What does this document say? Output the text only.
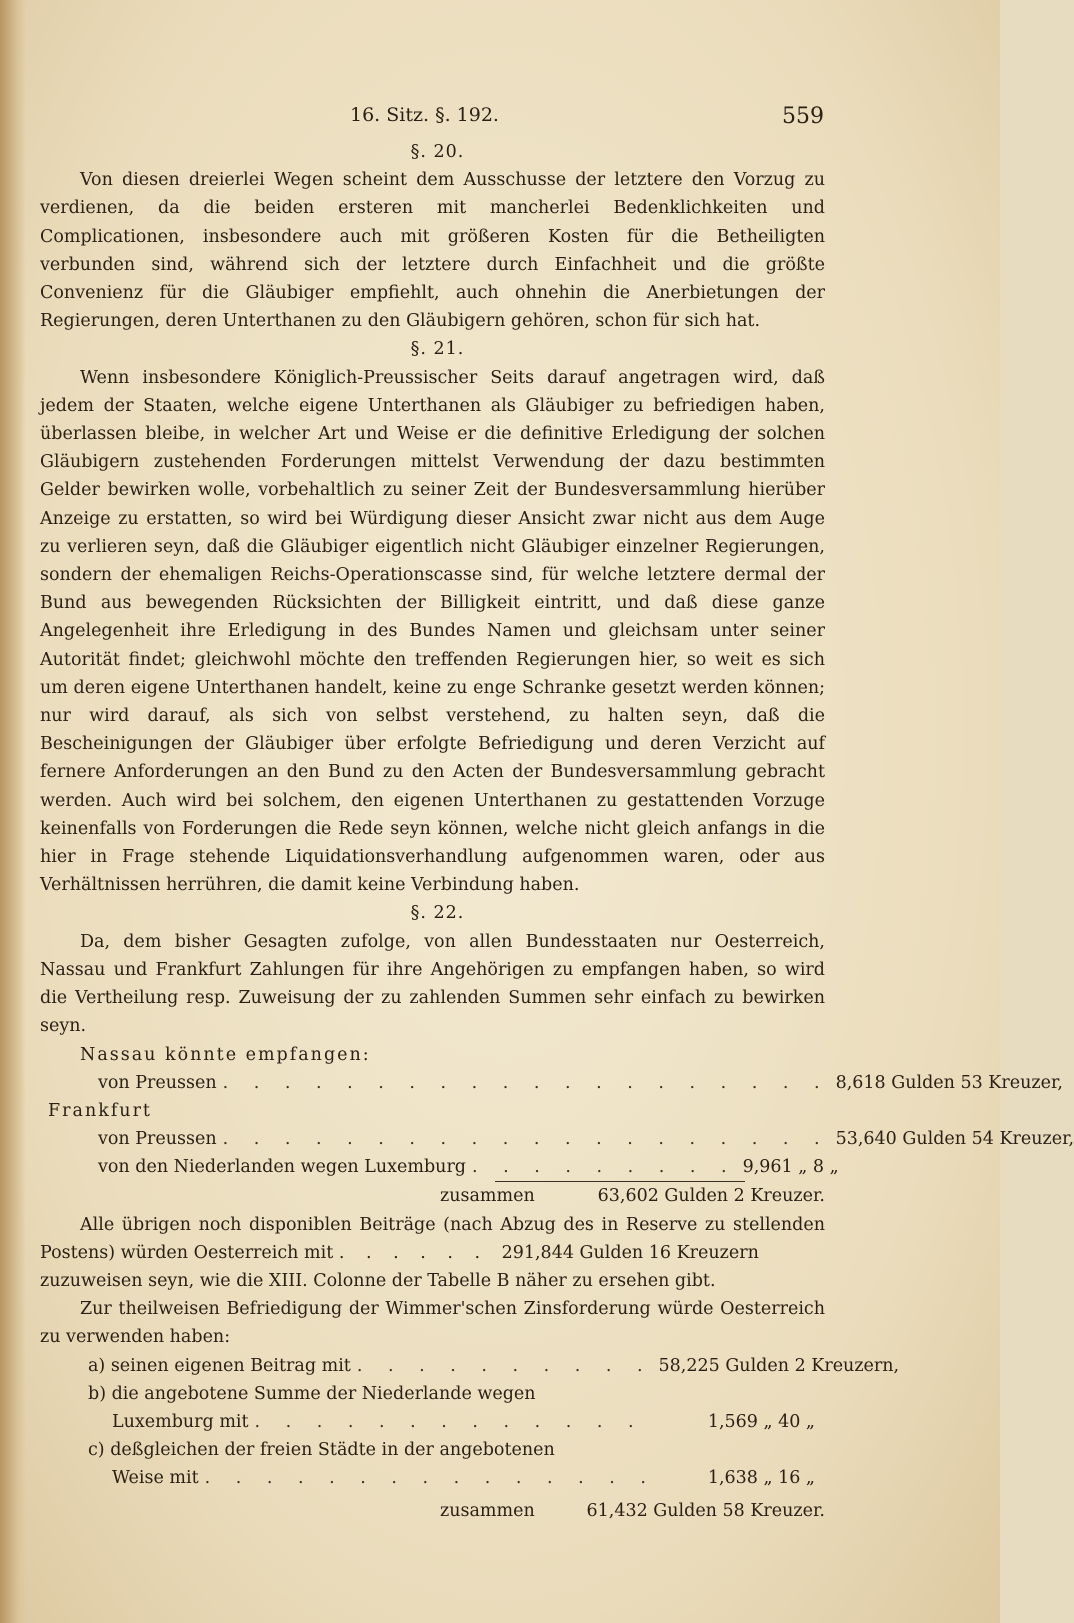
16. Sitz. §. 192.	559
§. 20.

Von diesen dreierlei Wegen scheint dem Ausschusse der letztere den Vorzug zu verdienen, da die beiden ersteren mit mancherlei Bedenklichkeiten und Complicationen, insbesondere auch mit größeren Kosten für die Betheiligten verbunden sind, während sich der letztere durch Einfachheit und die größte Convenienz für die Gläubiger empfiehlt, auch ohnehin die Anerbietungen der Regierungen, deren Unterthanen zu den Gläubigern gehören, schon für sich hat.

§. 21.

Wenn insbesondere Königlich-Preussischer Seits darauf angetragen wird, daß jedem der Staaten, welche eigene Unterthanen als Gläubiger zu befriedigen haben, überlassen bleibe, in welcher Art und Weise er die definitive Erledigung der solchen Gläubigern zustehenden Forderungen mittelst Verwendung der dazu bestimmten Gelder bewirken wolle, vorbehaltlich zu seiner Zeit der Bundesversammlung hierüber Anzeige zu erstatten, so wird bei Würdigung dieser Ansicht zwar nicht aus dem Auge zu verlieren seyn, daß die Gläubiger eigentlich nicht Gläubiger einzelner Regierungen, sondern der ehemaligen Reichs-Operationscasse sind, für welche letztere dermal der Bund aus bewegenden Rücksichten der Billigkeit eintritt, und daß diese ganze Angelegenheit ihre Erledigung in des Bundes Namen und gleichsam unter seiner Autorität findet; gleichwohl möchte den treffenden Regierungen hier, so weit es sich um deren eigene Unterthanen handelt, keine zu enge Schranke gesetzt werden können; nur wird darauf, als sich von selbst verstehend, zu halten seyn, daß die Bescheinigungen der Gläubiger über erfolgte Befriedigung und deren Verzicht auf fernere Anforderungen an den Bund zu den Acten der Bundesversammlung gebracht werden. Auch wird bei solchem, den eigenen Unterthanen zu gestattenden Vorzuge keinenfalls von Forderungen die Rede seyn können, welche nicht gleich anfangs in die hier in Frage stehende Liquidationsverhandlung aufgenommen waren, oder aus Verhältnissen herrühren, die damit keine Verbindung haben.

§. 22.

Da, dem bisher Gesagten zufolge, von allen Bundesstaaten nur Oesterreich, Nassau und Frankfurt Zahlungen für ihre Angehörigen zu empfangen haben, so wird die Vertheilung resp. Zuweisung der zu zahlenden Summen sehr einfach zu bewirken seyn.

Nassau könnte empfangen:
von Preussen . . . . . . . . . . . . . . . . . . . . 8,618 Gulden 53 Kreuzer,
Frankfurt
von Preussen . . . . . . . . . . . . . . . . . . . . 53,640 Gulden 54 Kreuzer,
von den Niederlanden wegen Luxemburg . . . . . . . . . 9,961 „ 8 „
zusammen	63,602 Gulden 2 Kreuzer.

Alle übrigen noch disponiblen Beiträge (nach Abzug des in Reserve zu stellenden Postens) würden Oesterreich mit . . . . . . 291,844 Gulden 16 Kreuzern

zuzuweisen seyn, wie die XIII. Colonne der Tabelle B näher zu ersehen gibt.

Zur theilweisen Befriedigung der Wimmer'schen Zinsforderung würde Oesterreich zu verwenden haben:

a) seinen eigenen Beitrag mit . . . . . . . . . . 58,225 Gulden 2 Kreuzern,
b) die angebotene Summe der Niederlande wegen
Luxemburg mit . . . . . . . . . . . . .	1,569 „ 40 „
c) deßgleichen der freien Städte in der angebotenen
Weise mit . . . . . . . . . . . . . . .	1,638 „ 16 „
zusammen	61,432 Gulden 58 Kreuzer.
